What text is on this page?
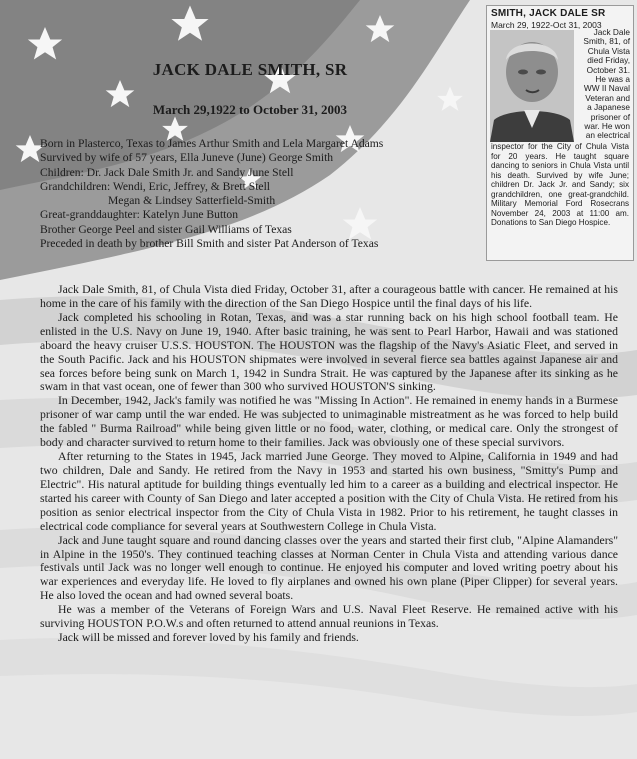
JACK DALE SMITH, SR
March 29,1922 to October 31, 2003
Born in Plasterco, Texas to James Arthur Smith and Lela Margaret Adams
Survived by wife of 57 years, Ella Juneve (June) George Smith
Children: Dr. Jack Dale Smith Jr. and Sandy June Stell
Grandchildren: Wendi, Eric, Jeffrey, & Brett Stell
Megan & Lindsey Satterfield-Smith
Great-granddaughter: Katelyn June Button
Brother George Peel and sister Gail Williams of Texas
Preceded in death by brother Bill Smith and sister Pat Anderson of Texas

Jack Dale Smith, 81, of Chula Vista died Friday, October 31, after a courageous battle with cancer. He remained at his home in the care of his family with the direction of the San Diego Hospice until the final days of his life.

Jack completed his schooling in Rotan, Texas, and was a star running back on his high school football team. He enlisted in the U.S. Navy on June 19, 1940. After basic training, he was sent to Pearl Harbor, Hawaii and was stationed aboard the heavy cruiser U.S.S. HOUSTON. The HOUSTON was the flagship of the Navy's Asiatic Fleet, and served in the South Pacific. Jack and his HOUSTON shipmates were involved in several fierce sea battles against Japanese air and sea forces before being sunk on March 1, 1942 in Sundra Strait. He was captured by the Japanese after its sinking as he swam in that vast ocean, one of fewer than 300 who survived HOUSTON'S sinking.

In December, 1942, Jack's family was notified he was "Missing In Action". He remained in enemy hands in a Burmese prisoner of war camp until the war ended. He was subjected to unimaginable mistreatment as he was forced to help build the fabled " Burma Railroad" while being given little or no food, water, clothing, or medical care. Only the strongest of body and character survived to return home to their families. Jack was obviously one of these special survivors.

After returning to the States in 1945, Jack married June George. They moved to Alpine, California in 1949 and had two children, Dale and Sandy. He retired from the Navy in 1953 and started his own business, "Smitty's Pump and Electric". His natural aptitude for building things eventually led him to a career as a building and electrical inspector. He started his career with County of San Diego and later accepted a position with the City of Chula Vista. He retired from his position as senior electrical inspector from the City of Chula Vista in 1982. Prior to his retirement, he taught classes in electrical code compliance for several years at Southwestern College in Chula Vista.

Jack and June taught square and round dancing classes over the years and started their first club, "Alpine Alamanders" in Alpine in the 1950's. They continued teaching classes at Norman Center in Chula Vista and attending various dance festivals until Jack was no longer well enough to continue. He enjoyed his computer and loved writing poetry about his war experiences and everyday life. He loved to fly airplanes and owned his own plane (Piper Clipper) for several years. He also loved the ocean and had owned several boats.

He was a member of the Veterans of Foreign Wars and U.S. Naval Fleet Reserve. He remained active with his surviving HOUSTON P.O.W.s and often returned to attend annual reunions in Texas.

Jack will be missed and forever loved by his family and friends.

SMITH, JACK DALE SR
March 29, 1922-Oct 31, 2003
Jack Dale
Smith, 81, of
Chula Vista
died Friday,
October 31.
He was a
WW II Naval
Veteran and
a Japanese
prisoner of
war. He won
an electrical
inspector for the City of Chula Vista for 20 years. He taught square dancing to seniors in Chula Vista until his death. Survived by wife June; children Dr. Jack Jr. and Sandy; six grandchildren, one great-grandchild. Military Memorial Ford Rosecrans November 24, 2003 at 11:00 am. Donations to San Diego Hospice.
